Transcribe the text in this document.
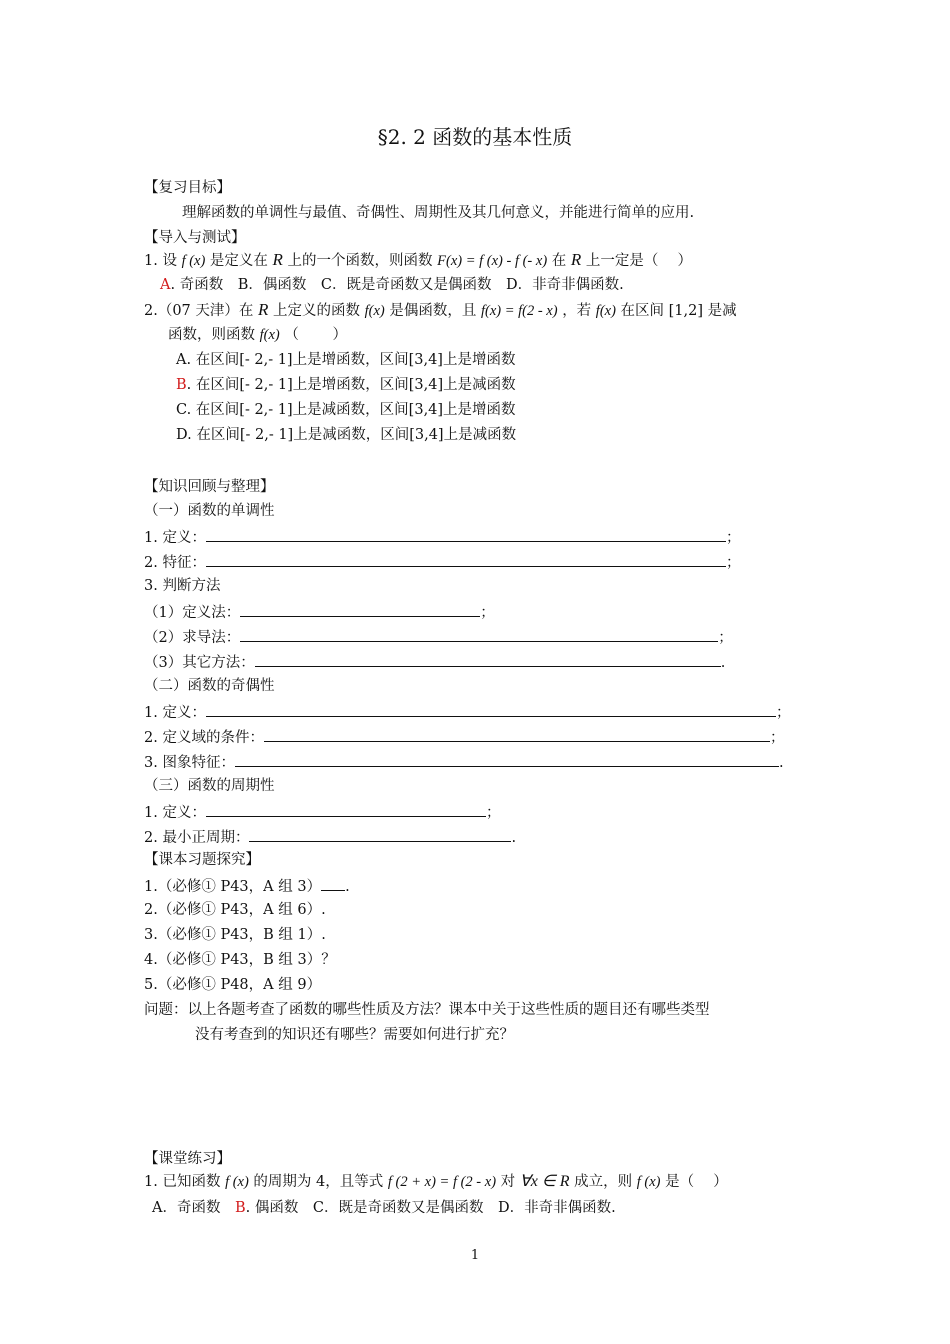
§2. 2 函数的基本性质
【复习目标】
理解函数的单调性与最值、奇偶性、周期性及其几何意义，并能进行简单的应用.
【导入与测试】
1. 设 f (x) 是定义在 R 上的一个函数，则函数 F(x) = f (x) - f (- x) 在 R 上一定是（　 ）
A. 奇函数　B．偶函数　C．既是奇函数又是偶函数　D．非奇非偶函数.
2.（07 天津）在 R 上定义的函数 f(x) 是偶函数，且 f(x) = f(2 - x) ，若 f(x) 在区间 [1,2] 是减
函数，则函数 f(x) （　　 ）
A. 在区间[- 2,- 1]上是增函数，区间[3,4]上是增函数
B. 在区间[- 2,- 1]上是增函数，区间[3,4]上是减函数
C. 在区间[- 2,- 1]上是减函数，区间[3,4]上是增函数
D. 在区间[- 2,- 1]上是减函数，区间[3,4]上是减函数
【知识回顾与整理】
（一）函数的单调性
1. 定义：	；
2. 特征：	；
3. 判断方法
（1）定义法：	；
（2）求导法：	；
（3）其它方法：	.
（二）函数的奇偶性
1. 定义：	；
2. 定义域的条件：	；
3. 图象特征：	.
（三）函数的周期性
1. 定义：	；
2. 最小正周期：	.
【课本习题探究】
1.（必修① P43，A 组 3） .
2.（必修① P43，A 组 6）.
3.（必修① P43，B 组 1）.
4.（必修① P43，B 组 3）？
5.（必修① P48，A 组 9）
问题：以上各题考查了函数的哪些性质及方法？课本中关于这些性质的题目还有哪些类型
没有考查到的知识还有哪些？需要如何进行扩充？
【课堂练习】
1. 已知函数 f (x) 的周期为 4，且等式 f (2 + x) = f (2 - x) 对 ∀x ∈ R 成立，则 f (x) 是（　 ）
A．奇函数　B. 偶函数　C．既是奇函数又是偶函数　D．非奇非偶函数.
1
